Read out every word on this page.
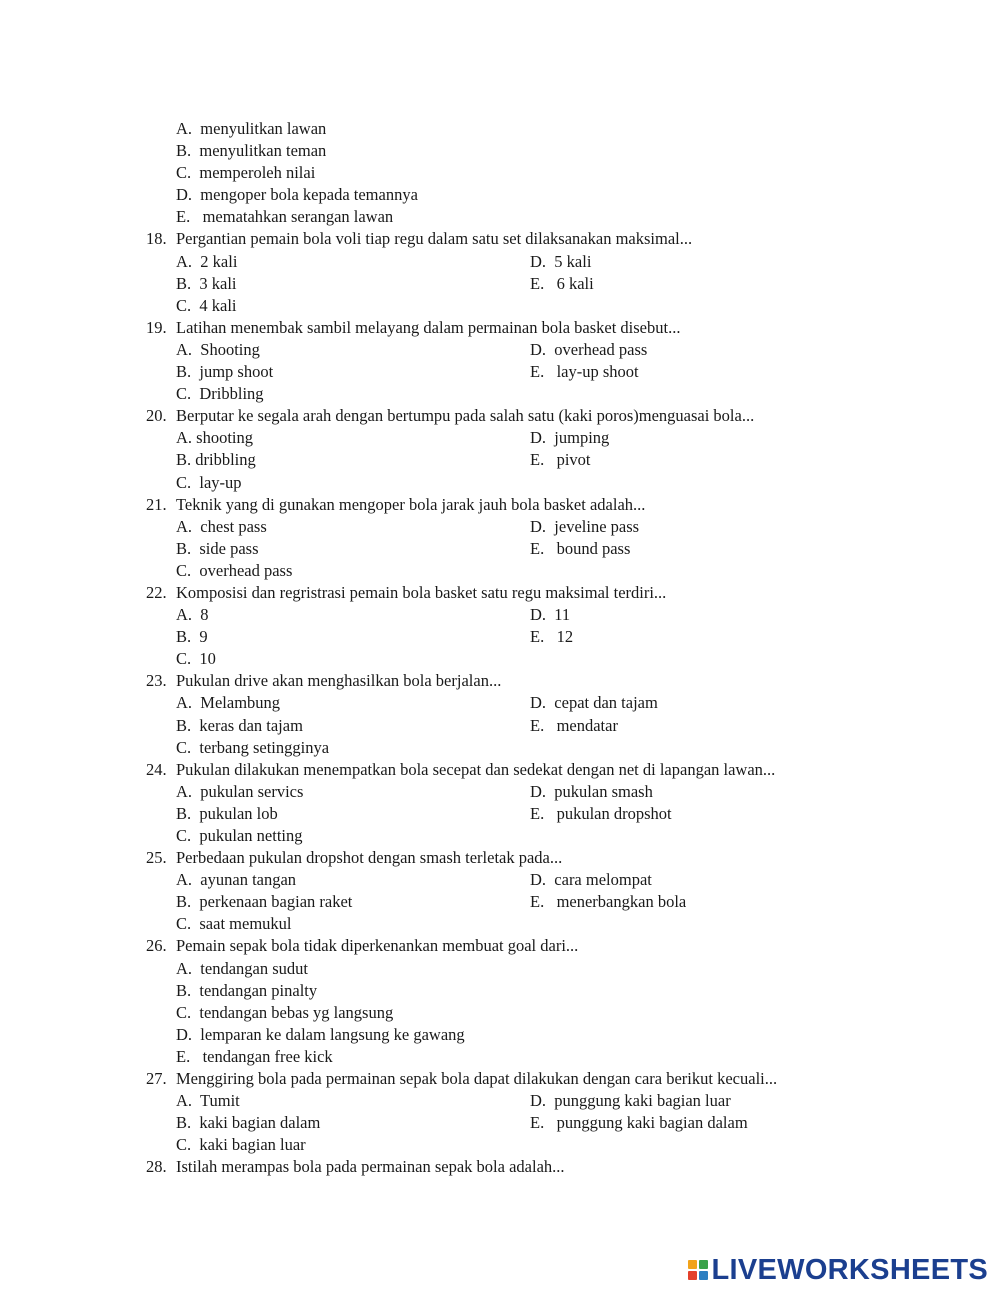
A.  menyulitkan lawan
B.  menyulitkan teman
C.  memperoleh nilai
D.  mengoper bola kepada temannya
E.   mematahkan serangan lawan
18. Pergantian pemain bola voli tiap regu dalam satu set dilaksanakan maksimal...
A.  2 kali	D.  5 kali
B.  3 kali	E.   6 kali
C.  4 kali
19. Latihan menembak sambil melayang dalam permainan bola basket disebut...
A.  Shooting	D.  overhead pass
B.  jump shoot	E.   lay-up shoot
C.  Dribbling
20. Berputar ke segala arah dengan bertumpu pada salah satu (kaki poros)menguasai bola...
A. shooting	D.  jumping
B. dribbling	E.   pivot
C.  lay-up
21. Teknik yang di gunakan mengoper bola jarak jauh bola basket adalah...
A.  chest pass	D.  jeveline pass
B.  side pass	E.   bound pass
C.  overhead pass
22. Komposisi dan regristrasi pemain bola basket satu regu maksimal terdiri...
A.  8	D.  11
B.  9	E.   12
C.  10
23. Pukulan drive akan menghasilkan bola berjalan...
A.  Melambung	D.  cepat dan tajam
B.  keras dan tajam	E.   mendatar
C.  terbang setingginya
24. Pukulan dilakukan menempatkan bola secepat dan sedekat dengan net di lapangan lawan...
A.  pukulan servics	D.  pukulan smash
B.  pukulan lob	E.   pukulan dropshot
C.  pukulan netting
25. Perbedaan pukulan dropshot dengan smash terletak pada...
A.  ayunan tangan	D.  cara melompat
B.  perkenaan bagian raket	E.   menerbangkan bola
C.  saat memukul
26. Pemain sepak bola tidak diperkenankan membuat goal dari...
A.  tendangan sudut
B.  tendangan pinalty
C.  tendangan bebas yg langsung
D.  lemparan ke dalam langsung ke gawang
E.   tendangan free kick
27. Menggiring bola pada permainan sepak bola dapat dilakukan dengan cara berikut kecuali...
A.  Tumit	D.  punggung kaki bagian luar
B.  kaki bagian dalam	E.   punggung kaki bagian dalam
C.  kaki bagian luar
28. Istilah merampas bola pada permainan sepak bola adalah...
LIVEWORKSHEETS
